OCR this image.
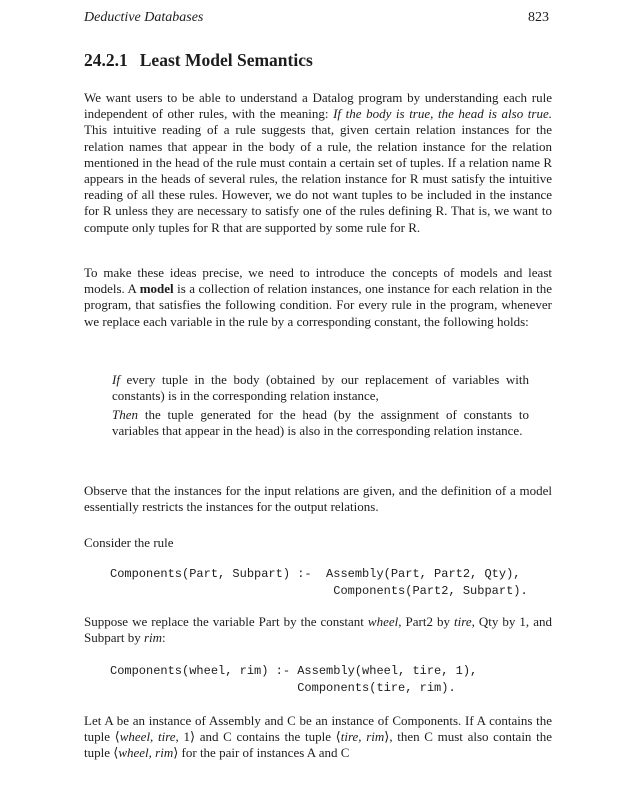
Deductive Databases	823
24.2.1 Least Model Semantics

We want users to be able to understand a Datalog program by understanding each rule independent of other rules, with the meaning: If the body is true, the head is also true. This intuitive reading of a rule suggests that, given certain relation instances for the relation names that appear in the body of a rule, the relation instance for the relation mentioned in the head of the rule must contain a certain set of tuples. If a relation name R appears in the heads of several rules, the relation instance for R must satisfy the intuitive reading of all these rules. However, we do not want tuples to be included in the instance for R unless they are necessary to satisfy one of the rules defining R. That is, we want to compute only tuples for R that are supported by some rule for R.

To make these ideas precise, we need to introduce the concepts of models and least models. A model is a collection of relation instances, one instance for each relation in the program, that satisfies the following condition. For every rule in the program, whenever we replace each variable in the rule by a corresponding constant, the following holds:

If every tuple in the body (obtained by our replacement of variables with constants) is in the corresponding relation instance,

Then the tuple generated for the head (by the assignment of constants to variables that appear in the head) is also in the corresponding relation instance.

Observe that the instances for the input relations are given, and the definition of a model essentially restricts the instances for the output relations.

Consider the rule

Components(Part, Subpart) :-  Assembly(Part, Part2, Qty),
Components(Part2, Subpart).

Suppose we replace the variable Part by the constant wheel, Part2 by tire, Qty by 1, and Subpart by rim:

Components(wheel, rim) :- Assembly(wheel, tire, 1),
Components(tire, rim).

Let A be an instance of Assembly and C be an instance of Components. If A contains the tuple ⟨wheel, tire, 1⟩ and C contains the tuple ⟨tire, rim⟩, then C must also contain the tuple ⟨wheel, rim⟩ for the pair of instances A and C
